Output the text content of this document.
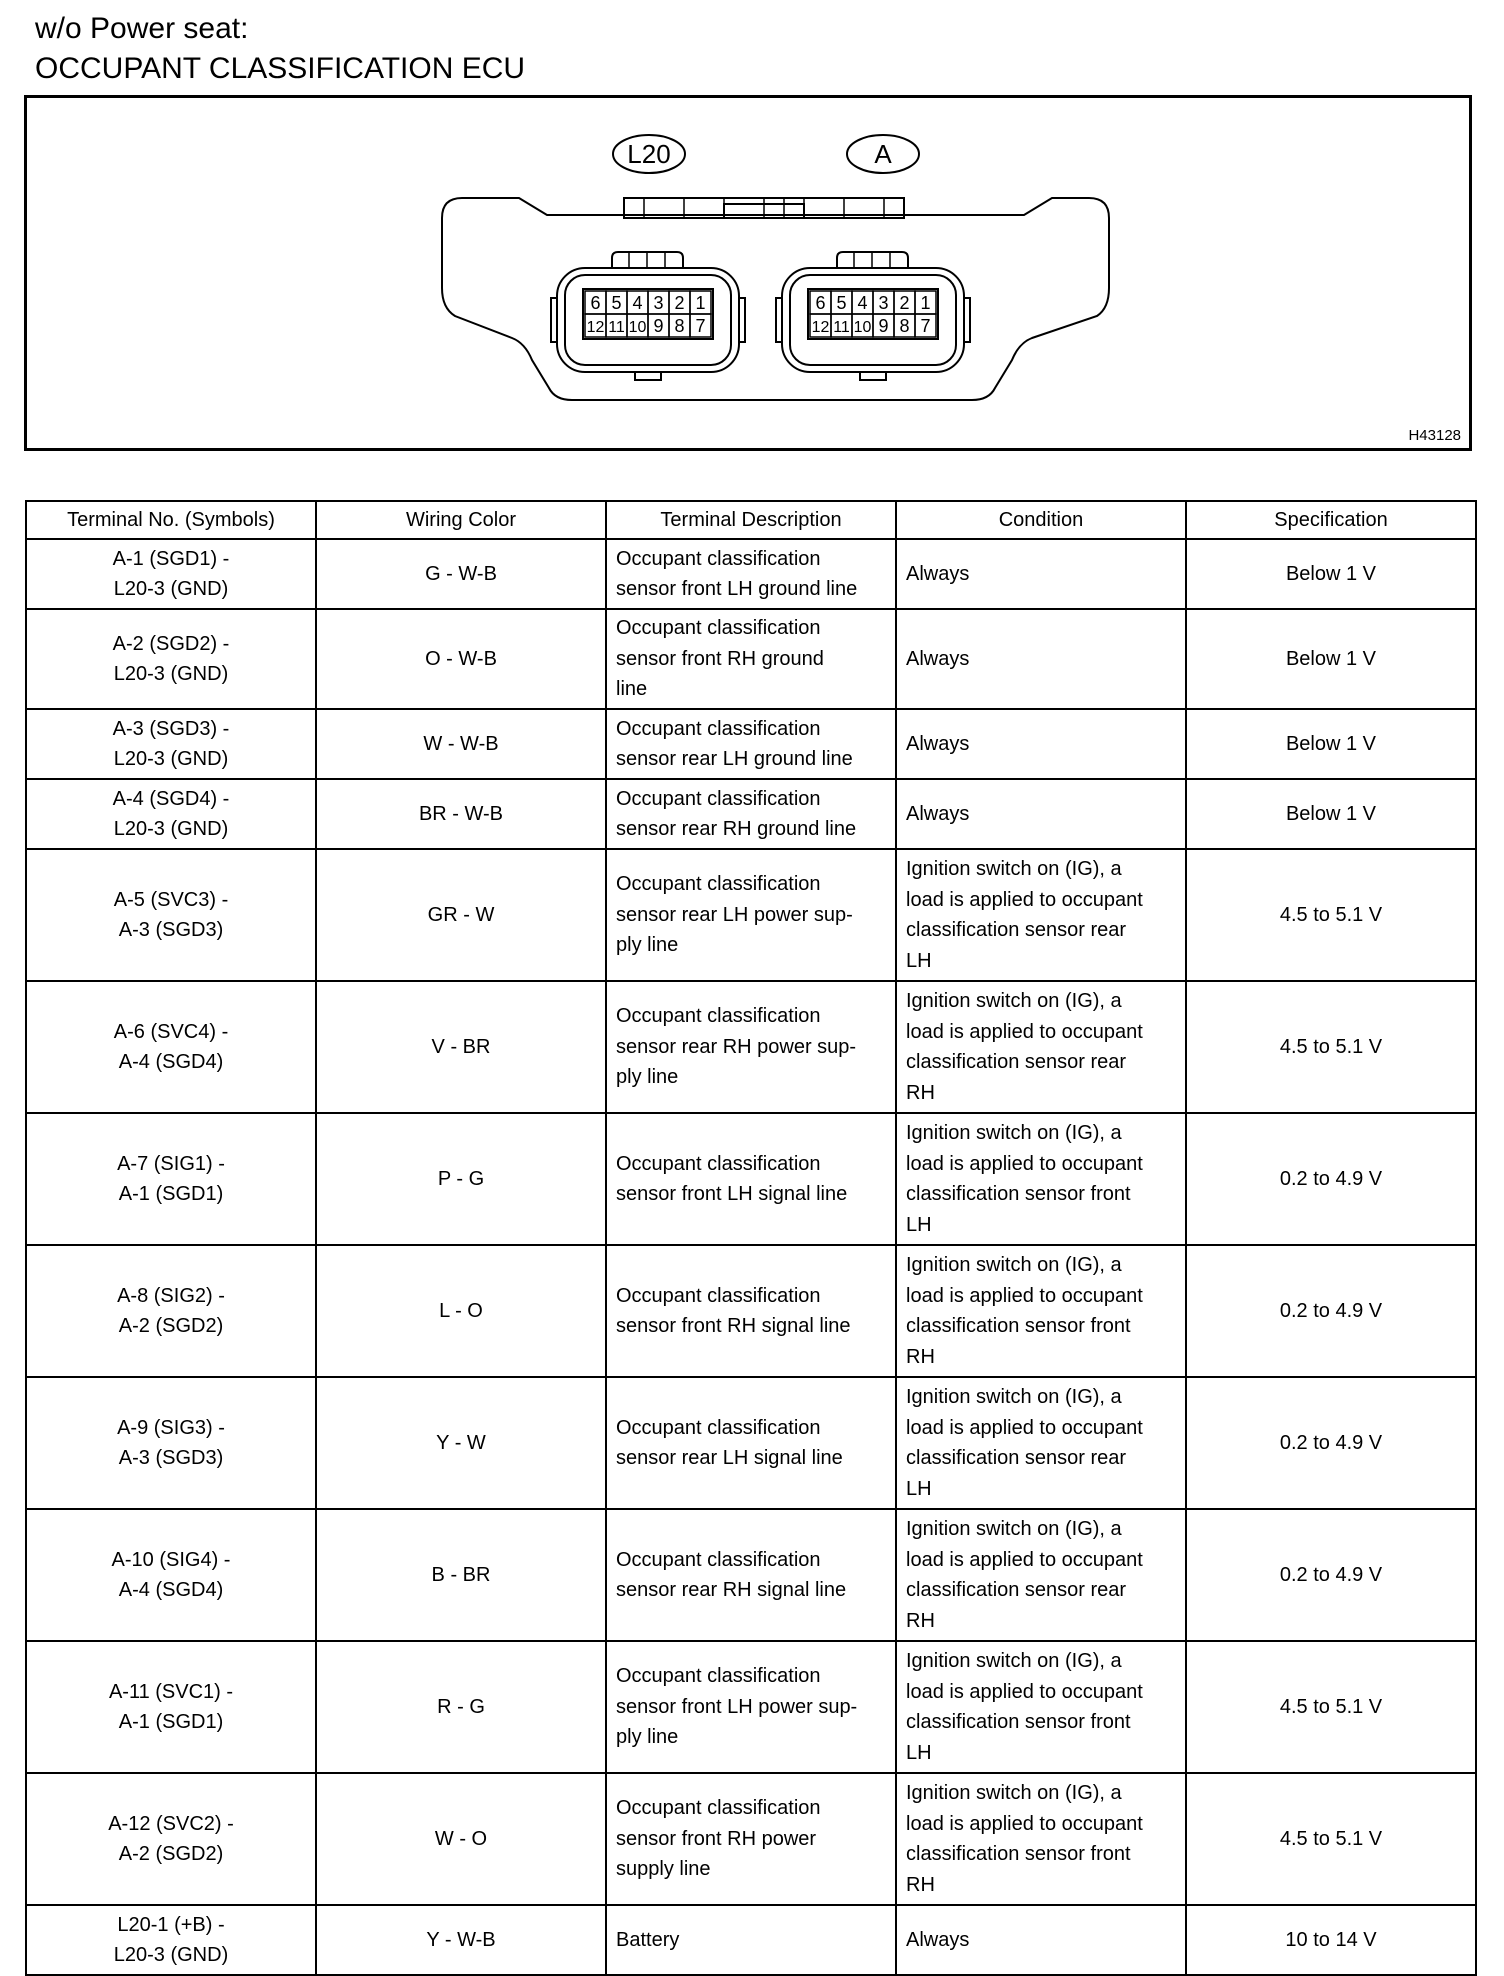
w/o Power seat:
OCCUPANT CLASSIFICATION ECU
L20	A
6 5 4 3 2 1
12 11 10 9 8 7
6 5 4 3 2 1
12 11 10 9 8 7
H43128
Terminal No. (Symbols)	Wiring Color	Terminal Description	Condition	Specification

A-1 (SGD1) -
L20-3 (GND)	G - W-B	Occupant classification
sensor front LH ground line	Always	Below 1 V

A-2 (SGD2) -
L20-3 (GND)	O - W-B	Occupant classification
sensor front RH ground
line	Always	Below 1 V

A-3 (SGD3) -
L20-3 (GND)	W - W-B	Occupant classification
sensor rear LH ground line	Always	Below 1 V

A-4 (SGD4) -
L20-3 (GND)	BR - W-B	Occupant classification
sensor rear RH ground line	Always	Below 1 V

A-5 (SVC3) -
A-3 (SGD3)	GR - W	Occupant classification
sensor rear LH power sup-
ply line	Ignition switch on (IG), a
load is applied to occupant
classification sensor rear
LH	4.5 to 5.1 V

A-6 (SVC4) -
A-4 (SGD4)	V - BR	Occupant classification
sensor rear RH power sup-
ply line	Ignition switch on (IG), a
load is applied to occupant
classification sensor rear
RH	4.5 to 5.1 V

A-7 (SIG1) -
A-1 (SGD1)	P - G	Occupant classification
sensor front LH signal line	Ignition switch on (IG), a
load is applied to occupant
classification sensor front
LH	0.2 to 4.9 V

A-8 (SIG2) -
A-2 (SGD2)	L - O	Occupant classification
sensor front RH signal line	Ignition switch on (IG), a
load is applied to occupant
classification sensor front
RH	0.2 to 4.9 V

A-9 (SIG3) -
A-3 (SGD3)	Y - W	Occupant classification
sensor rear LH signal line	Ignition switch on (IG), a
load is applied to occupant
classification sensor rear
LH	0.2 to 4.9 V

A-10 (SIG4) -
A-4 (SGD4)	B - BR	Occupant classification
sensor rear RH signal line	Ignition switch on (IG), a
load is applied to occupant
classification sensor rear
RH	0.2 to 4.9 V

A-11 (SVC1) -
A-1 (SGD1)	R - G	Occupant classification
sensor front LH power sup-
ply line	Ignition switch on (IG), a
load is applied to occupant
classification sensor front
LH	4.5 to 5.1 V

A-12 (SVC2) -
A-2 (SGD2)	W - O	Occupant classification
sensor front RH power
supply line	Ignition switch on (IG), a
load is applied to occupant
classification sensor front
RH	4.5 to 5.1 V

L20-1 (+B) -
L20-3 (GND)	Y - W-B	Battery	Always	10 to 14 V
